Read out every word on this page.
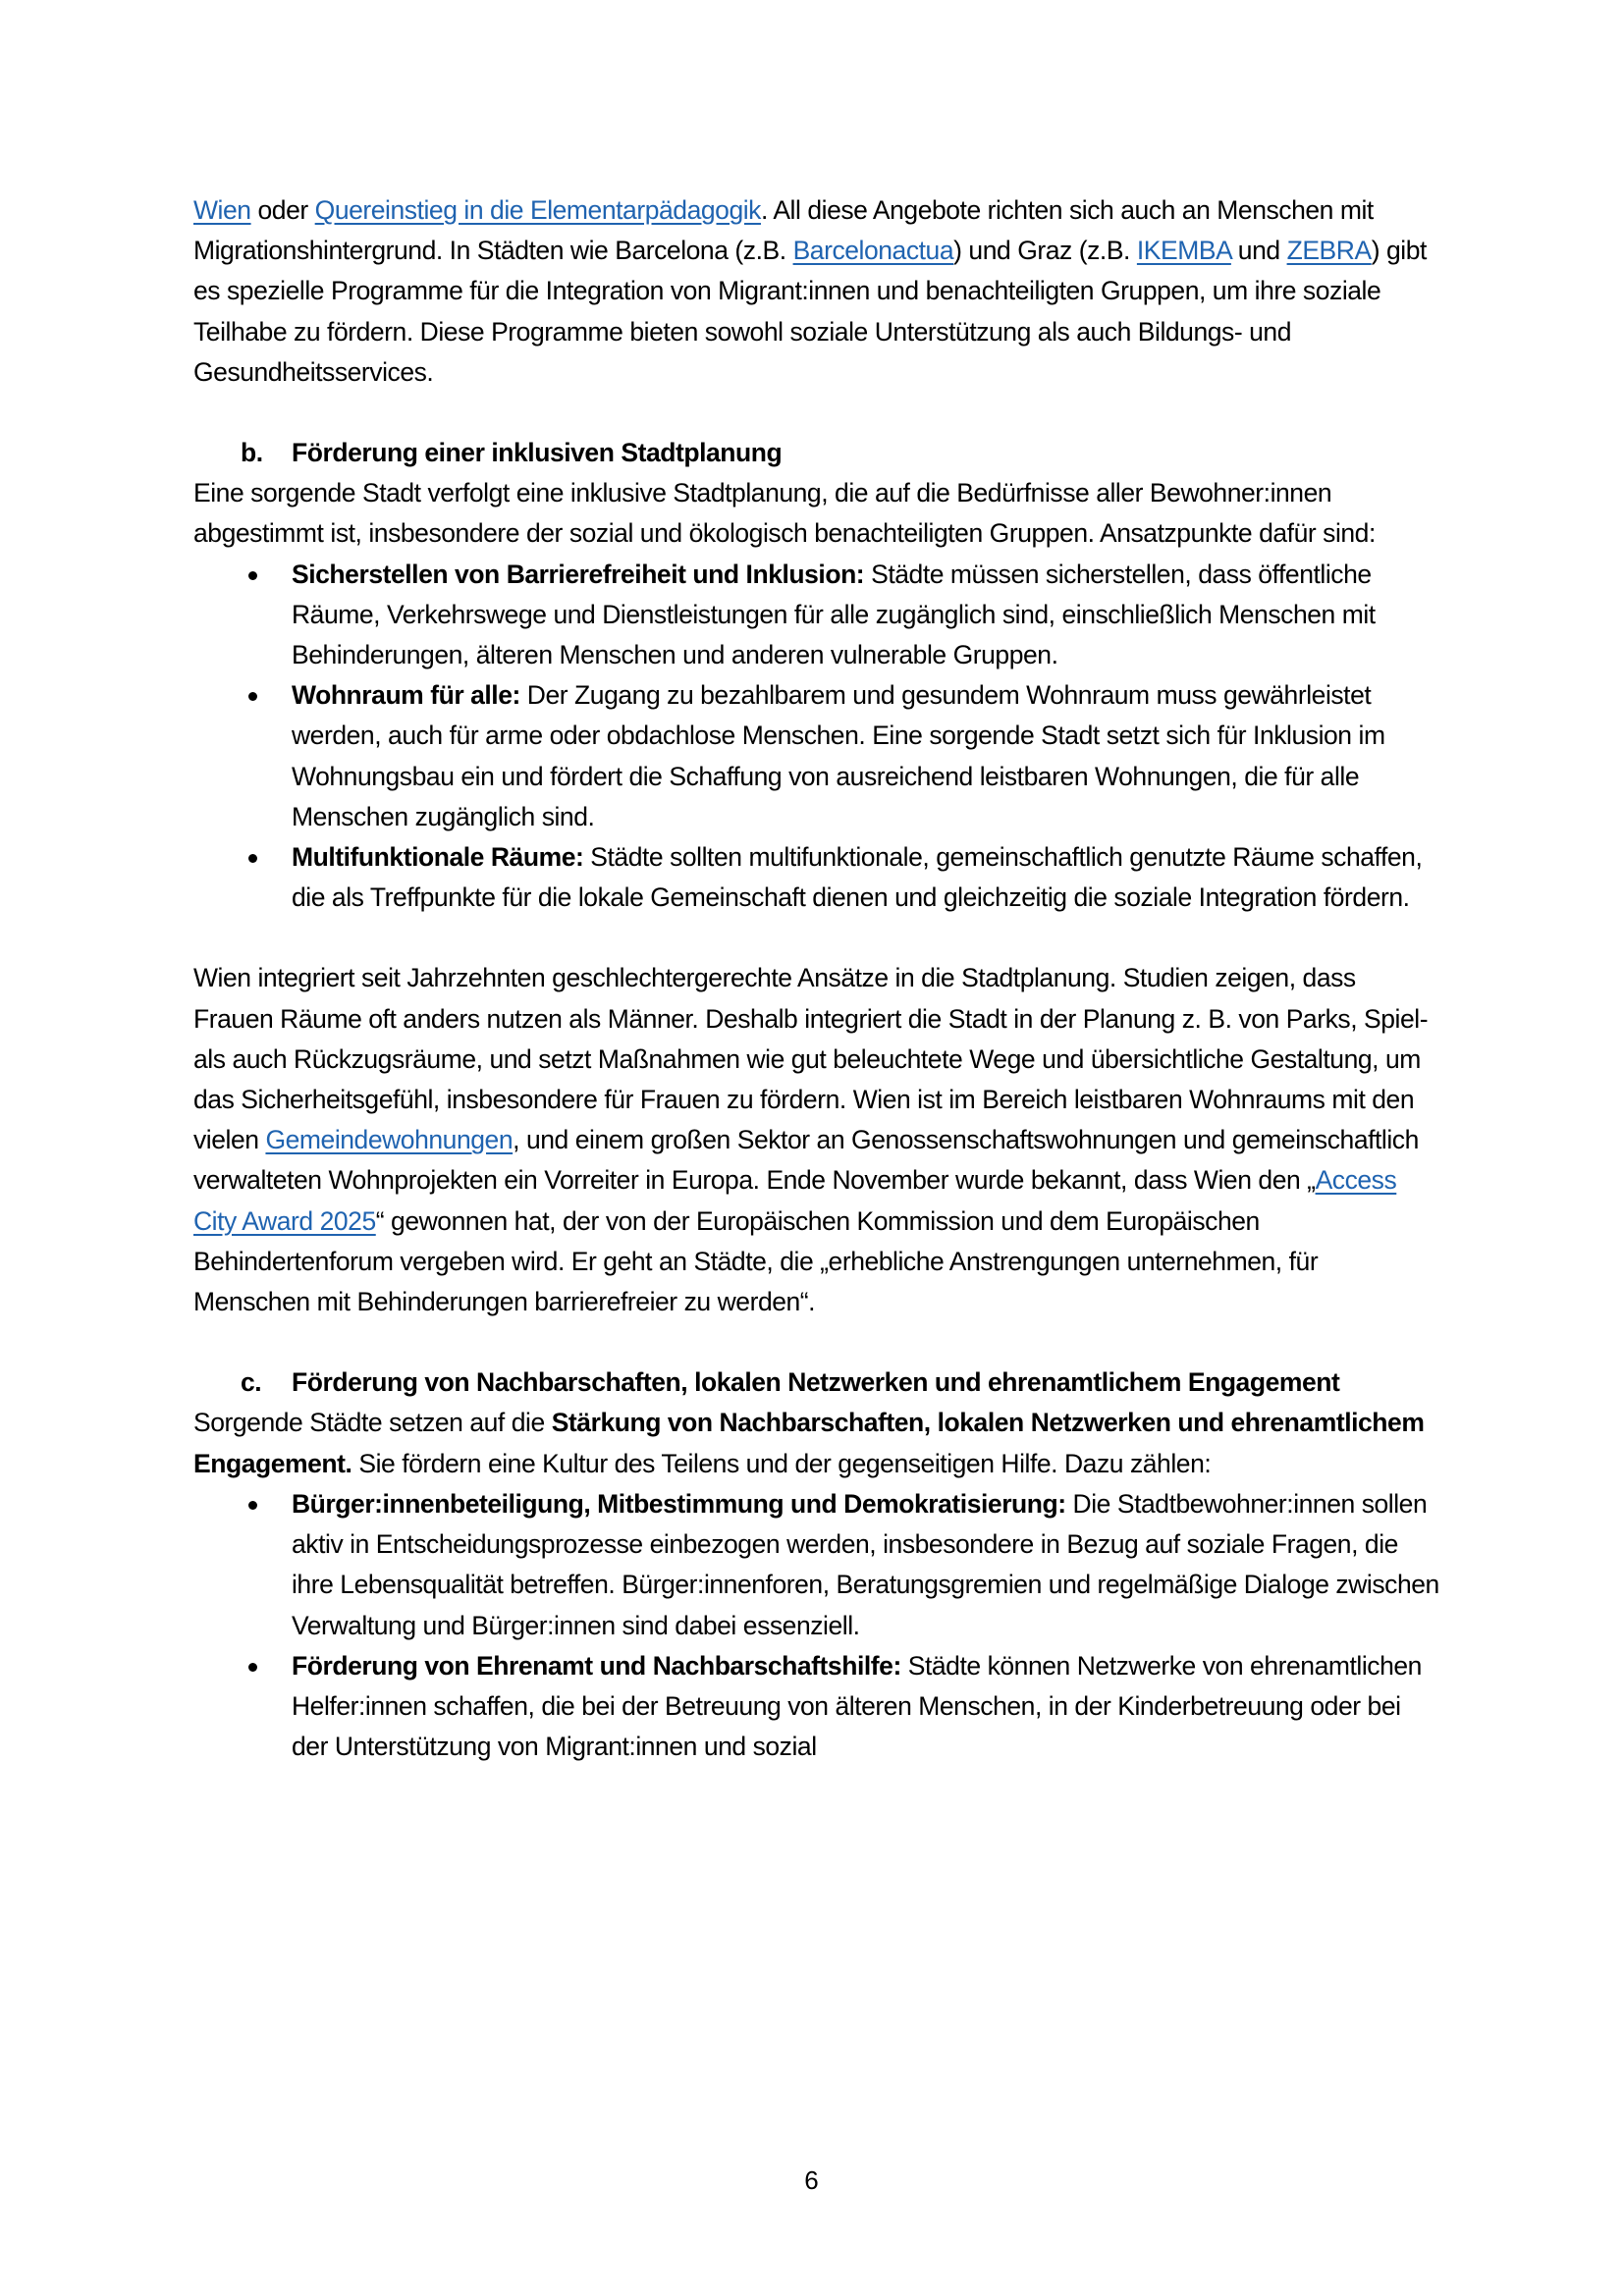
Wien oder Quereinstieg in die Elementarpädagogik. All diese Angebote richten sich auch an Menschen mit Migrationshintergrund. In Städten wie Barcelona (z.B. Barcelonactua) und Graz (z.B. IKEMBA und ZEBRA) gibt es spezielle Programme für die Integration von Migrant:innen und benachteiligten Gruppen, um ihre soziale Teilhabe zu fördern. Diese Programme bieten sowohl soziale Unterstützung als auch Bildungs- und Gesundheitsservices.

b.	Förderung einer inklusiven Stadtplanung

Eine sorgende Stadt verfolgt eine inklusive Stadtplanung, die auf die Bedürfnisse aller Bewohner:innen abgestimmt ist, insbesondere der sozial und ökologisch benachteiligten Gruppen. Ansatzpunkte dafür sind:

Sicherstellen von Barrierefreiheit und Inklusion: Städte müssen sicherstellen, dass öffentliche Räume, Verkehrswege und Dienstleistungen für alle zugänglich sind, einschließlich Menschen mit Behinderungen, älteren Menschen und anderen vulnerable Gruppen.
Wohnraum für alle: Der Zugang zu bezahlbarem und gesundem Wohnraum muss gewährleistet werden, auch für arme oder obdachlose Menschen. Eine sorgende Stadt setzt sich für Inklusion im Wohnungsbau ein und fördert die Schaffung von ausreichend leistbaren Wohnungen, die für alle Menschen zugänglich sind.
Multifunktionale Räume: Städte sollten multifunktionale, gemeinschaftlich genutzte Räume schaffen, die als Treffpunkte für die lokale Gemeinschaft dienen und gleichzeitig die soziale Integration fördern.

Wien integriert seit Jahrzehnten geschlechtergerechte Ansätze in die Stadtplanung. Studien zeigen, dass Frauen Räume oft anders nutzen als Männer. Deshalb integriert die Stadt in der Planung z. B. von Parks, Spiel- als auch Rückzugsräume, und setzt Maßnahmen wie gut beleuchtete Wege und übersichtliche Gestaltung, um das Sicherheitsgefühl, insbesondere für Frauen zu fördern. Wien ist im Bereich leistbaren Wohnraums mit den vielen Gemeindewohnungen, und einem großen Sektor an Genossenschaftswohnungen und gemeinschaftlich verwalteten Wohnprojekten ein Vorreiter in Europa. Ende November wurde bekannt, dass Wien den „Access City Award 2025“ gewonnen hat, der von der Europäischen Kommission und dem Europäischen Behindertenforum vergeben wird. Er geht an Städte, die „erhebliche Anstrengungen unternehmen, für Menschen mit Behinderungen barrierefreier zu werden“.

c.	Förderung von Nachbarschaften, lokalen Netzwerken und ehrenamtlichem Engagement

Sorgende Städte setzen auf die Stärkung von Nachbarschaften, lokalen Netzwerken und ehrenamtlichem Engagement. Sie fördern eine Kultur des Teilens und der gegenseitigen Hilfe. Dazu zählen:

Bürger:innenbeteiligung, Mitbestimmung und Demokratisierung: Die Stadtbewohner:innen sollen aktiv in Entscheidungsprozesse einbezogen werden, insbesondere in Bezug auf soziale Fragen, die ihre Lebensqualität betreffen. Bürger:innenforen, Beratungsgremien und regelmäßige Dialoge zwischen Verwaltung und Bürger:innen sind dabei essenziell.
Förderung von Ehrenamt und Nachbarschaftshilfe: Städte können Netzwerke von ehrenamtlichen Helfer:innen schaffen, die bei der Betreuung von älteren Menschen, in der Kinderbetreuung oder bei der Unterstützung von Migrant:innen und sozial
6
